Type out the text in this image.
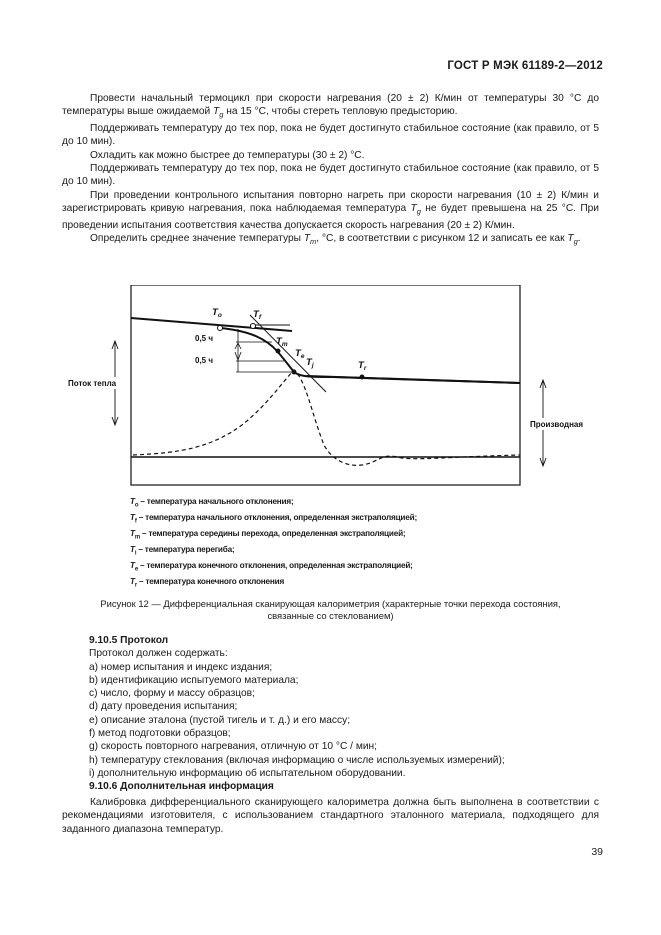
ГОСТ Р МЭК 61189-2—2012

Провести начальный термоцикл при скорости нагревания (20 ± 2) К/мин от температуры 30 °С до температуры выше ожидаемой $T_g$ на 15 °С, чтобы стереть тепловую предысторию.

Поддерживать температуру до тех пор, пока не будет достигнуто стабильное состояние (как правило, от 5 до 10 мин).

Охладить как можно быстрее до температуры (30 ± 2) °С.

Поддерживать температуру до тех пор, пока не будет достигнуто стабильное состояние (как правило, от 5 до 10 мин).

При проведении контрольного испытания повторно нагреть при скорости нагревания (10 ± 2) К/мин и зарегистрировать кривую нагревания, пока наблюдаемая температура $T_g$ не будет превышена на 25 °С. При проведении испытания соответствия качества допускается скорость нагревания (20 ± 2) К/мин.

Определить среднее значение температуры $T_m$, °С, в соответствии с рисунком 12 и записать ее как $T_g$.

$T_o$	$T_f$
$T_m$
$T_e$
$T_j$	$T_r$
0,5 ч
0,5 ч
Поток тепла
Производная
$T_o$ – температура начального отклонения;
$T_f$ – температура начального отклонения, определенная экстраполяцией;
$T_m$ – температура середины перехода, определенная экстраполяцией;
$T_i$ – температура перегиба;
$T_e$ – температура конечного отклонения, определенная экстраполяцией;
$T_r$ – температура конечного отклонения
Рисунок 12 — Дифференциальная сканирующая калориметрия (характерные точки перехода состояния,
связанные со стеклованием)

9.10.5 Протокол

Протокол должен содержать:

а) номер испытания и индекс издания;

b) идентификацию испытуемого материала;

c) число, форму и массу образцов;

d) дату проведения испытания;

e) описание эталона (пустой тигель и т. д.) и его массу;

f) метод подготовки образцов;

g) скорость повторного нагревания, отличную от 10 °С / мин;

h) температуру стеклования (включая информацию о числе используемых измерений);

i) дополнительную информацию об испытательном оборудовании.

9.10.6 Дополнительная информация

Калибровка дифференциального сканирующего калориметра должна быть выполнена в соответствии с рекомендациями изготовителя, с использованием стандартного эталонного материала, подходящего для заданного диапазона температур.

39
